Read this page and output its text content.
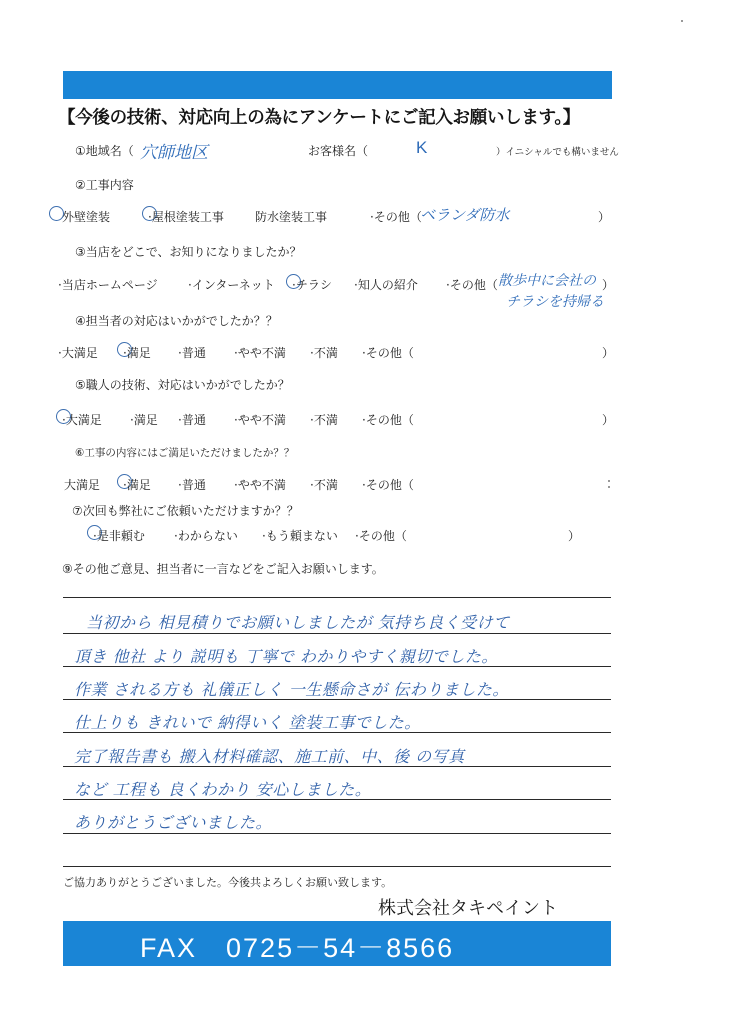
【今後の技術、対応向上の為にアンケートにご記入お願いします。】
①地域名（ 穴師地区	お客様名（	K	）イニシャルでも構いません
②工事内容
外壁塗装	·屋根塗装工事	防水塗装工事	·その他（
ベランダ防水	）
③当店をどこで、お知りになりましたか？
·当店ホームページ	·インターネット ·チラシ ·知人の紹介 ·その他（ 散歩中に会社の
チラシを持帰る
）
④担当者の対応はいかがでしたか？？
·大満足 ·満足 ·普通 ·やや不満 ·不満 ·その他（	）
⑤職人の技術、対応はいかがでしたか？
·大満足 ·満足 ·普通 ·やや不満 ·不満 ·その他（	）
⑥工事の内容にはご満足いただけましたか？？
大満足 ·満足 ·普通 ·やや不満 ·不満 ·その他（
⑦次回も弊社にご依頼いただけますか？？
·是非頼む ·わからない ·もう頼まない ·その他（	）
⑨その他ご意見、担当者に一言などをご記入お願いします。
当初から 相見積りでお願いしましたが 気持ち良く受けて
頂き 他社 より 説明も 丁寧で わかりやすく親切でした。
作業 される方も 礼儀正しく 一生懸命さが 伝わりました。
仕上りも きれいで 納得いく 塗装工事でした。
完了報告書も 搬入材料確認、施工前、中、後 の写真
など 工程も 良くわかり 安心しました。
ありがとうございました。
ご協力ありがとうございました。今後共よろしくお願い致します。
株式会社タキペイント
FAX　0725－54－8566
